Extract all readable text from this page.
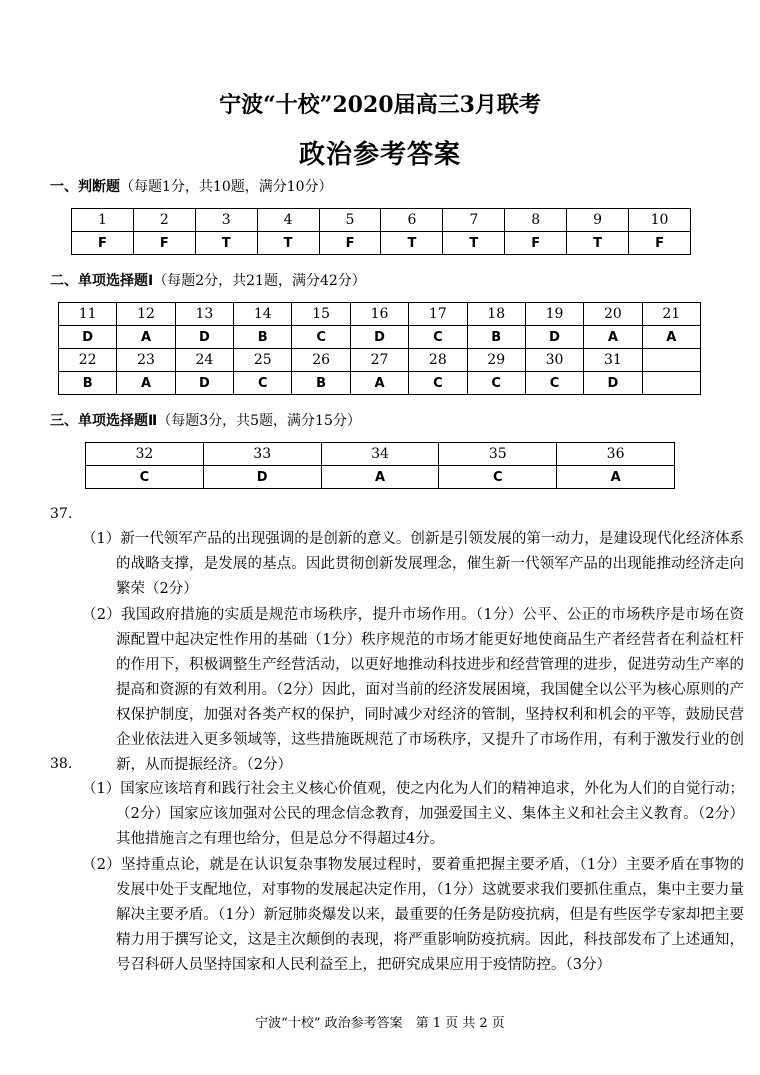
宁波“十校”2020届高三3月联考
政治参考答案
一、判断题（每题1分，共10题，满分10分）
1	2	3	4	5	6	7	8	9	10
F	F	T	T	F	T	T	F	T	F
二、单项选择题Ⅰ（每题2分，共21题，满分42分）
11	12	13	14	15	16	17	18	19	20	21
D	A	D	B	C	D	C	B	D	A	A
22	23	24	25	26	27	28	29	30	31	
B	A	D	C	B	A	C	C	C	D	
三、单项选择题Ⅱ（每题3分，共5题，满分15分）
32	33	34	35	36
C	D	A	C	A
37.

（1）新一代领军产品的出现强调的是创新的意义。创新是引领发展的第一动力，是建设现代化经济体系的战略支撑，是发展的基点。因此贯彻创新发展理念，催生新一代领军产品的出现能推动经济走向繁荣（2分）

（2）我国政府措施的实质是规范市场秩序，提升市场作用。（1分）公平、公正的市场秩序是市场在资源配置中起决定性作用的基础（1分）秩序规范的市场才能更好地使商品生产者经营者在利益杠杆的作用下，积极调整生产经营活动，以更好地推动科技进步和经营管理的进步，促进劳动生产率的提高和资源的有效利用。（2分）因此，面对当前的经济发展困境，我国健全以公平为核心原则的产权保护制度，加强对各类产权的保护，同时减少对经济的管制，坚持权利和机会的平等，鼓励民营企业依法进入更多领域等，这些措施既规范了市场秩序，又提升了市场作用，有利于激发行业的创新，从而提振经济。（2分）

38.

（1）国家应该培育和践行社会主义核心价值观，使之内化为人们的精神追求，外化为人们的自觉行动；（2分）国家应该加强对公民的理念信念教育，加强爱国主义、集体主义和社会主义教育。（2分）其他措施言之有理也给分，但是总分不得超过4分。

（2）坚持重点论，就是在认识复杂事物发展过程时，要着重把握主要矛盾，（1分）主要矛盾在事物的发展中处于支配地位，对事物的发展起决定作用，（1分）这就要求我们要抓住重点，集中主要力量解决主要矛盾。（1分）新冠肺炎爆发以来，最重要的任务是防疫抗病，但是有些医学专家却把主要精力用于撰写论文，这是主次颠倒的表现，将严重影响防疫抗病。因此，科技部发布了上述通知，号召科研人员坚持国家和人民利益至上，把研究成果应用于疫情防控。（3分）

宁波“十校” 政治参考答案　第 1 页 共 2 页
